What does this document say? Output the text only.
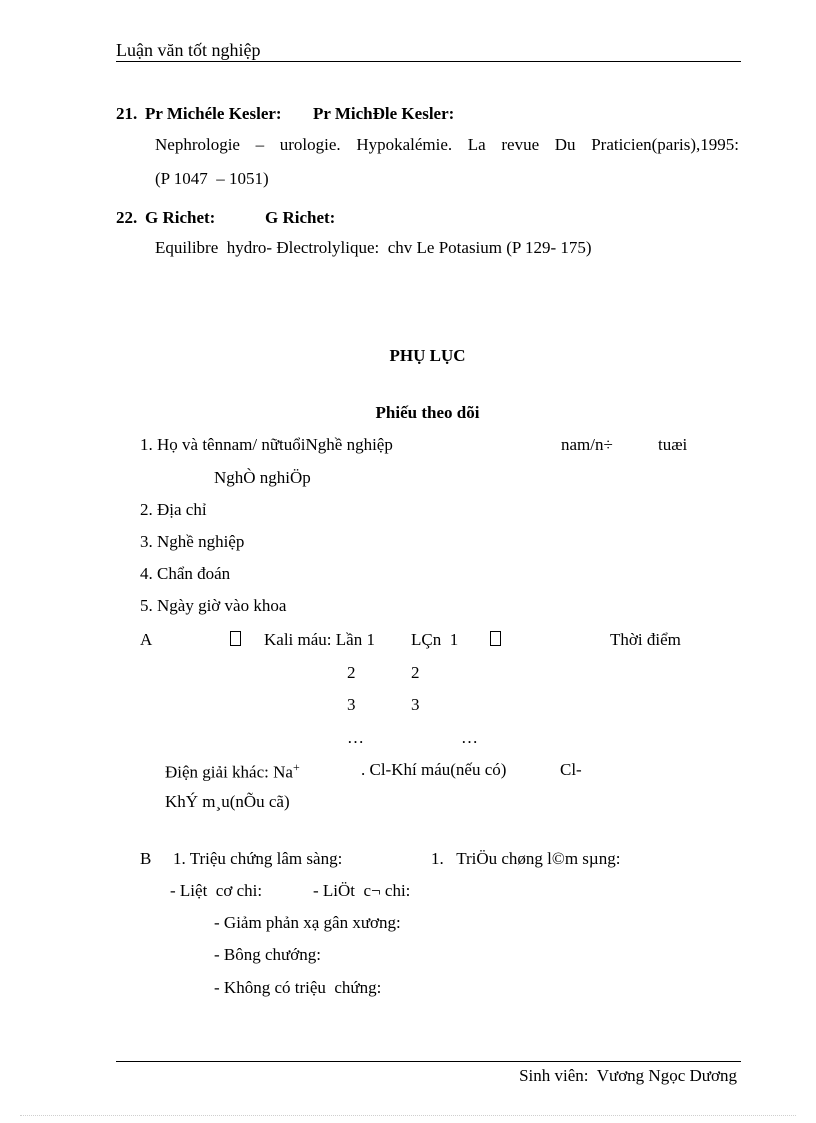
Luận văn tốt nghiệp
21. Pr Michéle Kesler: Pr MichĐle Kesler:
Nephrologie – urologie. Hypokalémie. La revue Du Praticien(paris),1995:
(P 1047  – 1051)
22. G Richet:	G Richet:
Equilibre  hydro- Đlectrolylique:  chv Le Potasium (P 129- 175)
PHỤ LỤC
Phiếu theo dõi
1. Họ và tênnam/ nữtuổiNghề nghiệp	nam/n÷	tuæi
NghÒ nghiÖp
2. Địa chỉ
3. Nghề nghiệp
4. Chẩn đoán
5. Ngày giờ vào khoa
A	Kali máu: Lần 1 LÇn  1	Thời điểm
2	2
3	3
…	…
Điện giải khác: Na+	. Cl-Khí máu(nếu có)	Cl-
KhÝ m¸u(nÕu cã)
B 1. Triệu chứng lâm sàng:	1.   TriÖu chøng l©m sµng:
- Liệt  cơ chi:	- LiÖt  c¬ chi:
- Giảm phản xạ gân xương:
- Bông chướng:
- Không có triệu  chứng:
Sinh viên:  Vương Ngọc Dương
